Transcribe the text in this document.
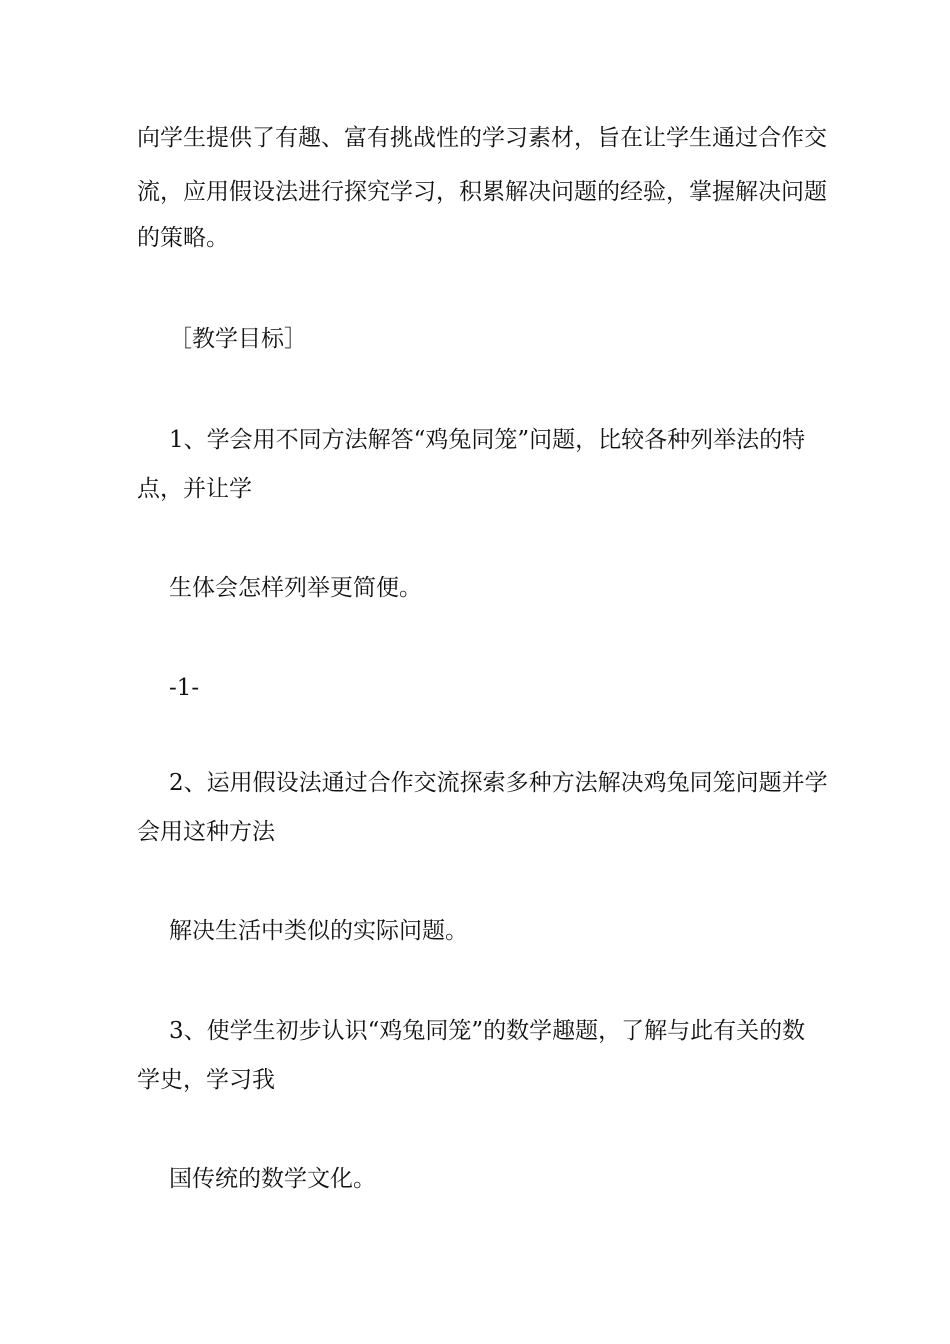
向学生提供了有趣、富有挑战性的学习素材，旨在让学生通过合作交
流，应用假设法进行探究学习，积累解决问题的经验，掌握解决问题
的策略。
［教学目标］
1、学会用不同方法解答“鸡兔同笼”问题，比较各种列举法的特
点，并让学
生体会怎样列举更简便。
-1-
2、运用假设法通过合作交流探索多种方法解决鸡兔同笼问题并学
会用这种方法
解决生活中类似的实际问题。
3、使学生初步认识“鸡兔同笼”的数学趣题，了解与此有关的数
学史，学习我
国传统的数学文化。
